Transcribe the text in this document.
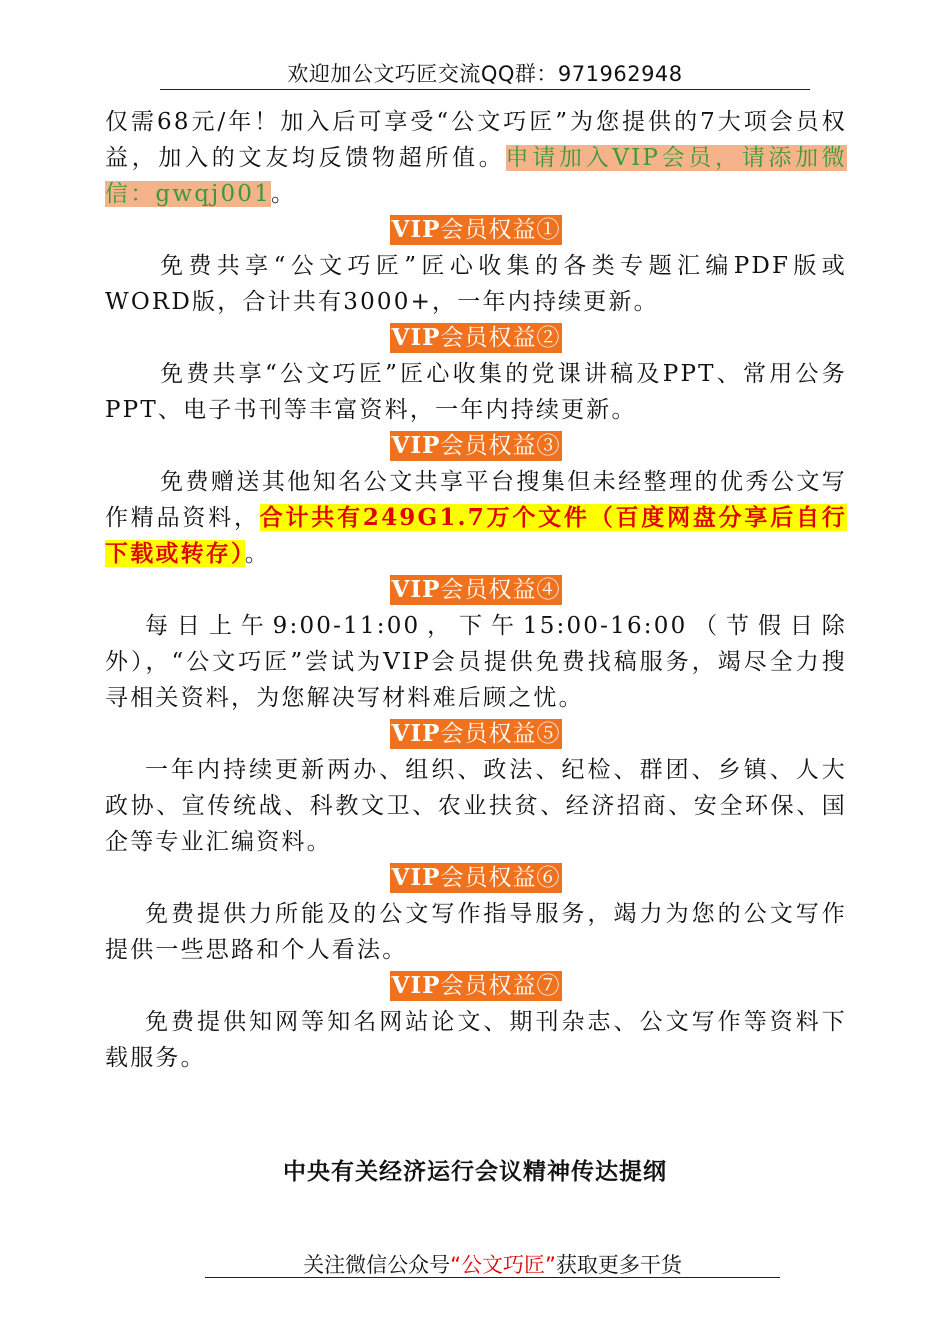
欢迎加公文巧匠交流QQ群：971962948

仅需68元/年！加入后可享受“公文巧匠”为您提供的7大项会员权益，加入的文友均反馈物超所值。申请加入VIP会员，请添加微信：gwqj001。

VIP会员权益①

免费共享“公文巧匠”匠心收集的各类专题汇编PDF版或WORD版，合计共有3000+，一年内持续更新。

VIP会员权益②

免费共享“公文巧匠”匠心收集的党课讲稿及PPT、常用公务PPT、电子书刊等丰富资料，一年内持续更新。

VIP会员权益③

免费赠送其他知名公文共享平台搜集但未经整理的优秀公文写作精品资料，合计共有249G1.7万个文件（百度网盘分享后自行下载或转存）。

VIP会员权益④

每日上午9:00-11:00，下午15:00-16:00（节假日除外），“公文巧匠”尝试为VIP会员提供免费找稿服务，竭尽全力搜寻相关资料，为您解决写材料难后顾之忧。

VIP会员权益⑤

一年内持续更新两办、组织、政法、纪检、群团、乡镇、人大政协、宣传统战、科教文卫、农业扶贫、经济招商、安全环保、国企等专业汇编资料。

VIP会员权益⑥

免费提供力所能及的公文写作指导服务，竭力为您的公文写作提供一些思路和个人看法。

VIP会员权益⑦

免费提供知网等知名网站论文、期刊杂志、公文写作等资料下载服务。

中央有关经济运行会议精神传达提纲
关注微信公众号“公文巧匠”获取更多干货
